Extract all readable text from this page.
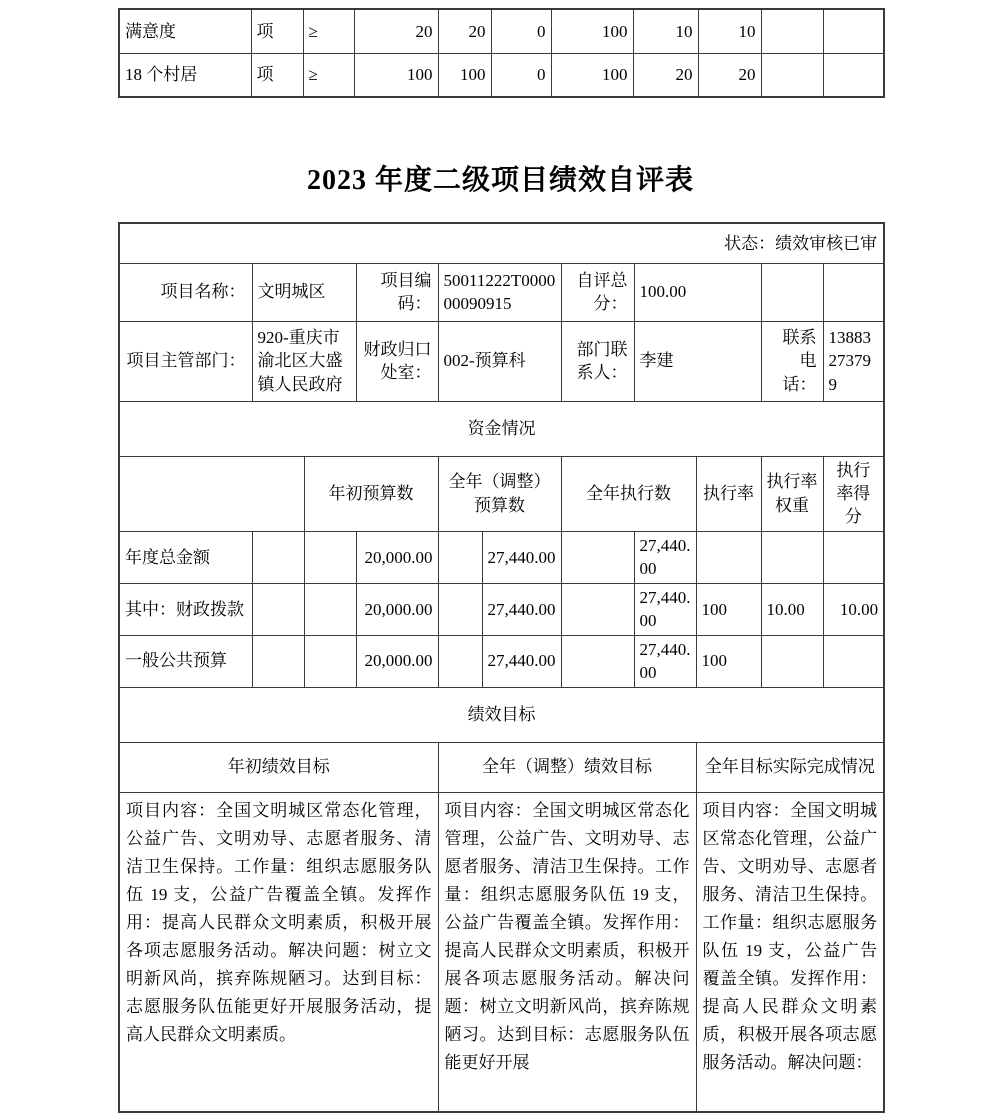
满意度	项	≥	20	20	0	100	10	10		
18 个村居	项	≥	100	100	0	100	20	20		
2023 年度二级项目绩效自评表
状态：绩效审核已审										
项目名称：	文明城区		项目编码：	50011222T000000090915		自评总分：	100.00			
项目主管部门：	920-重庆市渝北区大盛镇人民政府		财政归口处室：	002-预算科		部门联系人：	李建		联系电话：	13883273799
资金情况										
		年初预算数		全年（调整）预算数		全年执行数		执行率	执行率权重	执行率得分
年度总金额			20,000.00		27,440.00		27,440.00			
其中：财政拨款			20,000.00		27,440.00		27,440.00	100	10.00	10.00
一般公共预算			20,000.00		27,440.00		27,440.00	100		
绩效目标										
年初绩效目标				全年（调整）绩效目标				全年目标实际完成情况		
项目内容：全国文明城区常态化管理，公益广告、文明劝导、志愿者服务、清洁卫生保持。工作量：组织志愿服务队伍 19 支，公益广告覆盖全镇。发挥作用：提高人民群众文明素质，积极开展各项志愿服务活动。解决问题：树立文明新风尚，摈弃陈规陋习。达到目标：志愿服务队伍能更好开展服务活动，提高人民群众文明素质。				项目内容：全国文明城区常态化管理，公益广告、文明劝导、志愿者服务、清洁卫生保持。工作量：组织志愿服务队伍 19 支，公益广告覆盖全镇。发挥作用：提高人民群众文明素质，积极开展各项志愿服务活动。解决问题：树立文明新风尚，摈弃陈规陋习。达到目标：志愿服务队伍能更好开展				项目内容：全国文明城区常态化管理，公益广告、文明劝导、志愿者服务、清洁卫生保持。工作量：组织志愿服务队伍 19 支，公益广告覆盖全镇。发挥作用：提高人民群众文明素质，积极开展各项志愿服务活动。解决问题：		
